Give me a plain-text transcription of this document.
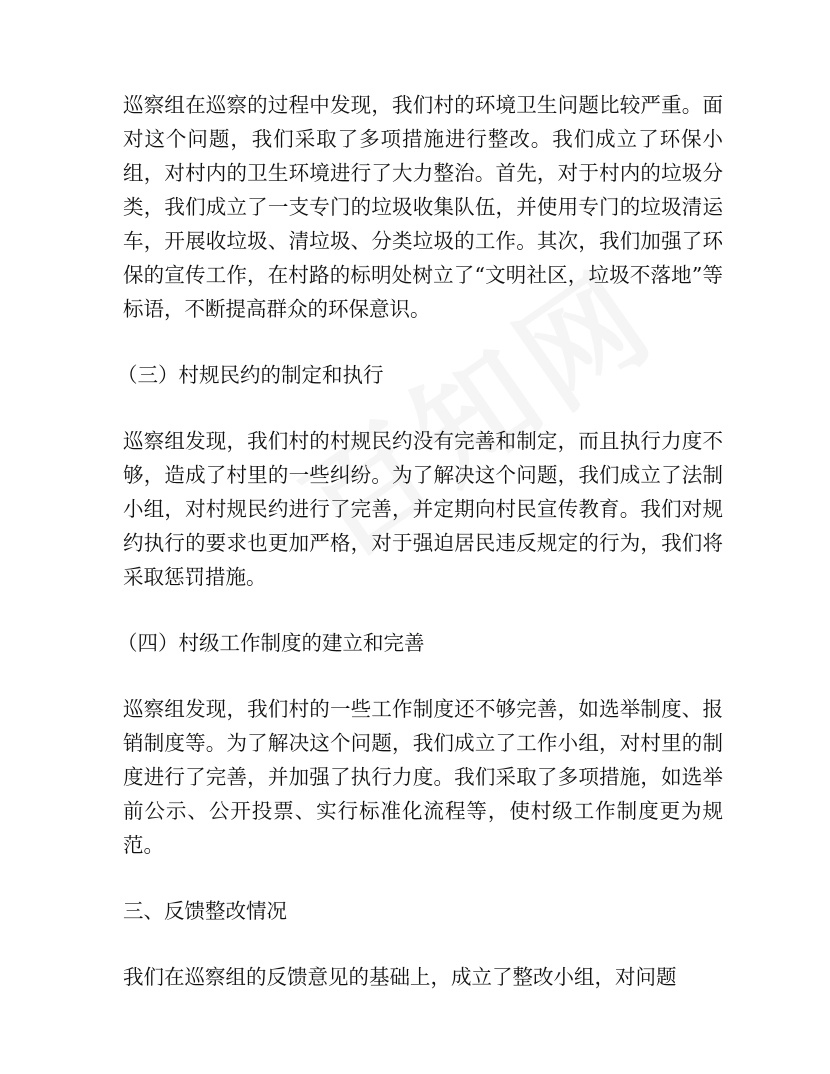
巡察组在巡察的过程中发现，我们村的环境卫生问题比较严重。面对这个问题，我们采取了多项措施进行整改。我们成立了环保小组，对村内的卫生环境进行了大力整治。首先，对于村内的垃圾分类，我们成立了一支专门的垃圾收集队伍，并使用专门的垃圾清运车，开展收垃圾、清垃圾、分类垃圾的工作。其次，我们加强了环保的宣传工作，在村路的标明处树立了“文明社区，垃圾不落地”等标语，不断提高群众的环保意识。

（三）村规民约的制定和执行

巡察组发现，我们村的村规民约没有完善和制定，而且执行力度不够，造成了村里的一些纠纷。为了解决这个问题，我们成立了法制小组，对村规民约进行了完善，并定期向村民宣传教育。我们对规约执行的要求也更加严格，对于强迫居民违反规定的行为，我们将采取惩罚措施。

（四）村级工作制度的建立和完善

巡察组发现，我们村的一些工作制度还不够完善，如选举制度、报销制度等。为了解决这个问题，我们成立了工作小组，对村里的制度进行了完善，并加强了执行力度。我们采取了多项措施，如选举前公示、公开投票、实行标准化流程等，使村级工作制度更为规范。

三、反馈整改情况

我们在巡察组的反馈意见的基础上，成立了整改小组，对问题
